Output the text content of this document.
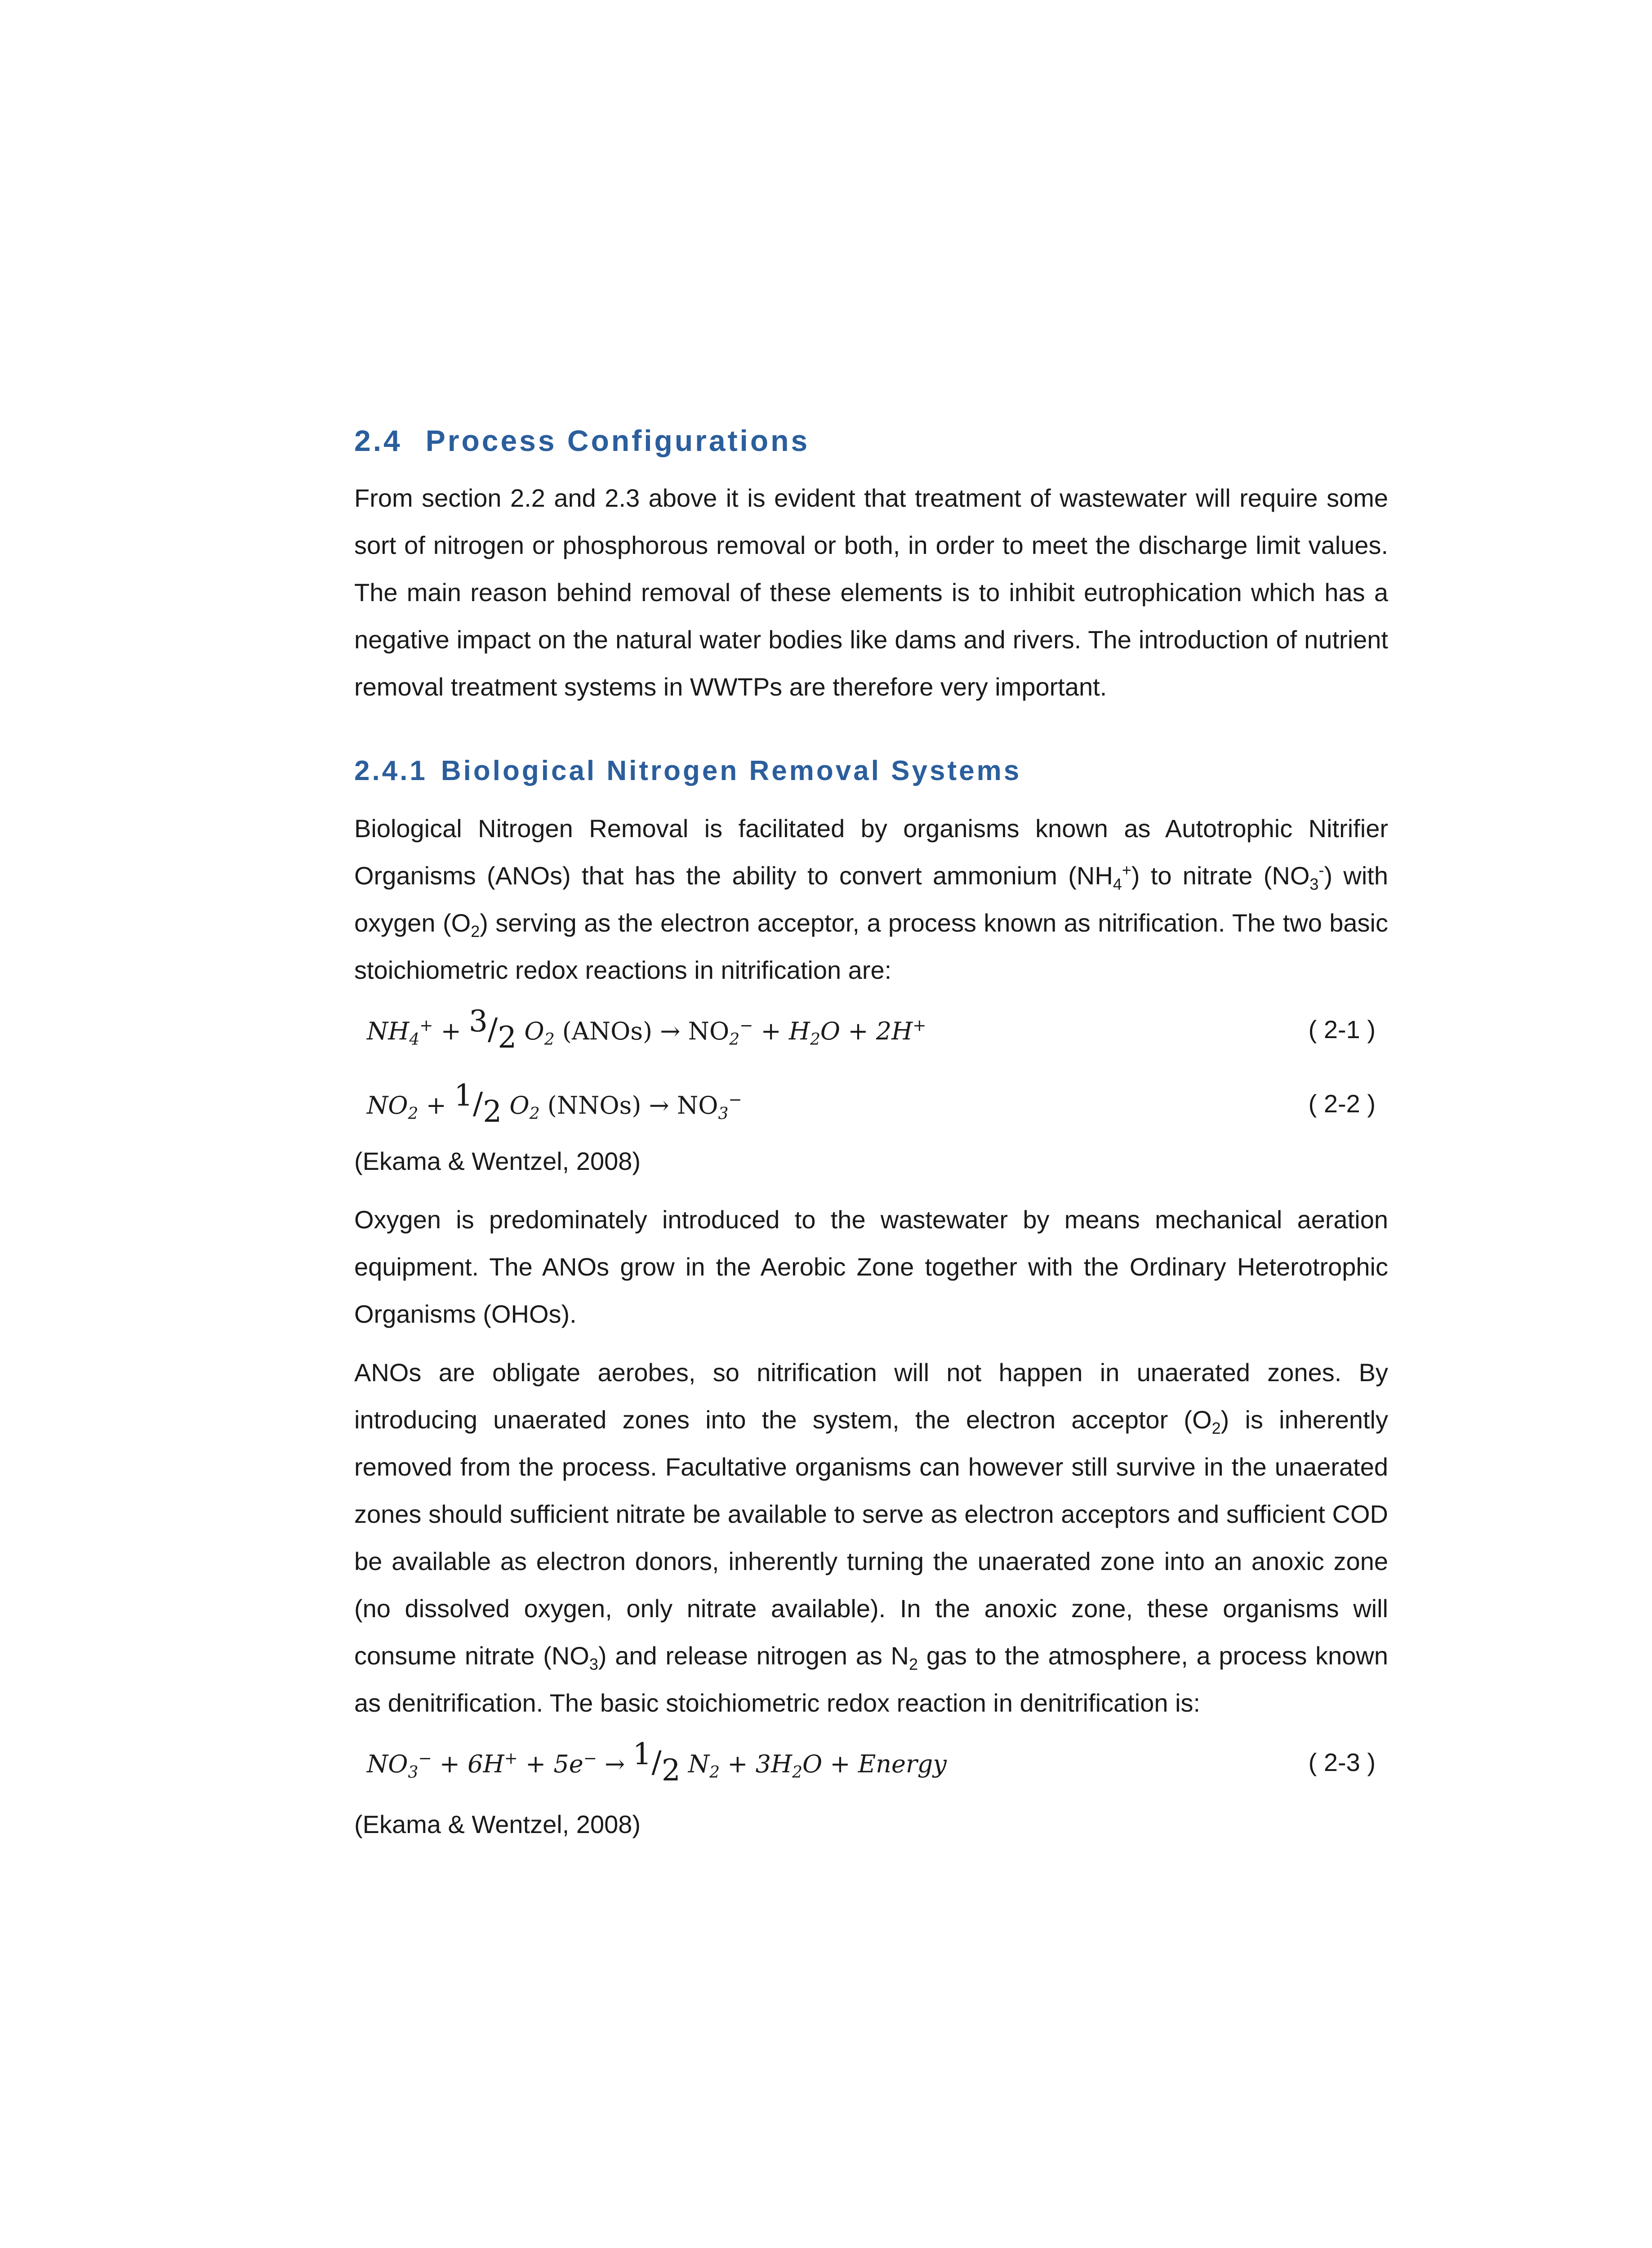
2.4 Process Configurations

From section 2.2 and 2.3 above it is evident that treatment of wastewater will require some sort of nitrogen or phosphorous removal or both, in order to meet the discharge limit values. The main reason behind removal of these elements is to inhibit eutrophication which has a negative impact on the natural water bodies like dams and rivers. The introduction of nutrient removal treatment systems in WWTPs are therefore very important.

2.4.1 Biological Nitrogen Removal Systems

Biological Nitrogen Removal is facilitated by organisms known as Autotrophic Nitrifier Organisms (ANOs) that has the ability to convert ammonium $(NH_4^+)$ to nitrate $(NO_3^-)$ with oxygen $(O_2)$ serving as the electron acceptor, a process known as nitrification. The two basic stoichiometric redox reactions in nitrification are:

$NH_4^+ + 3/2$ $O_2$ (ANOs) → $NO_2^- + H_2O + 2H^+$	( 2-1 )
$NO_2 + 1/2$ $O_2$ (NNOs) → $NO_3^-$	( 2-2 )

(Ekama & Wentzel, 2008)

Oxygen is predominately introduced to the wastewater by means mechanical aeration equipment. The ANOs grow in the Aerobic Zone together with the Ordinary Heterotrophic Organisms (OHOs).

ANOs are obligate aerobes, so nitrification will not happen in unaerated zones. By introducing unaerated zones into the system, the electron acceptor $(O_2)$ is inherently removed from the process. Facultative organisms can however still survive in the unaerated zones should sufficient nitrate be available to serve as electron acceptors and sufficient COD be available as electron donors, inherently turning the unaerated zone into an anoxic zone (no dissolved oxygen, only nitrate available). In the anoxic zone, these organisms will consume nitrate $(NO_3)$ and release nitrogen as $N_2$ gas to the atmosphere, a process known as denitrification. The basic stoichiometric redox reaction in denitrification is:

$NO_3^- + 6H^+ + 5e^- \to 1/2$ $N_2 + 3H_2O$ + Energy	( 2-3 )

(Ekama & Wentzel, 2008)
